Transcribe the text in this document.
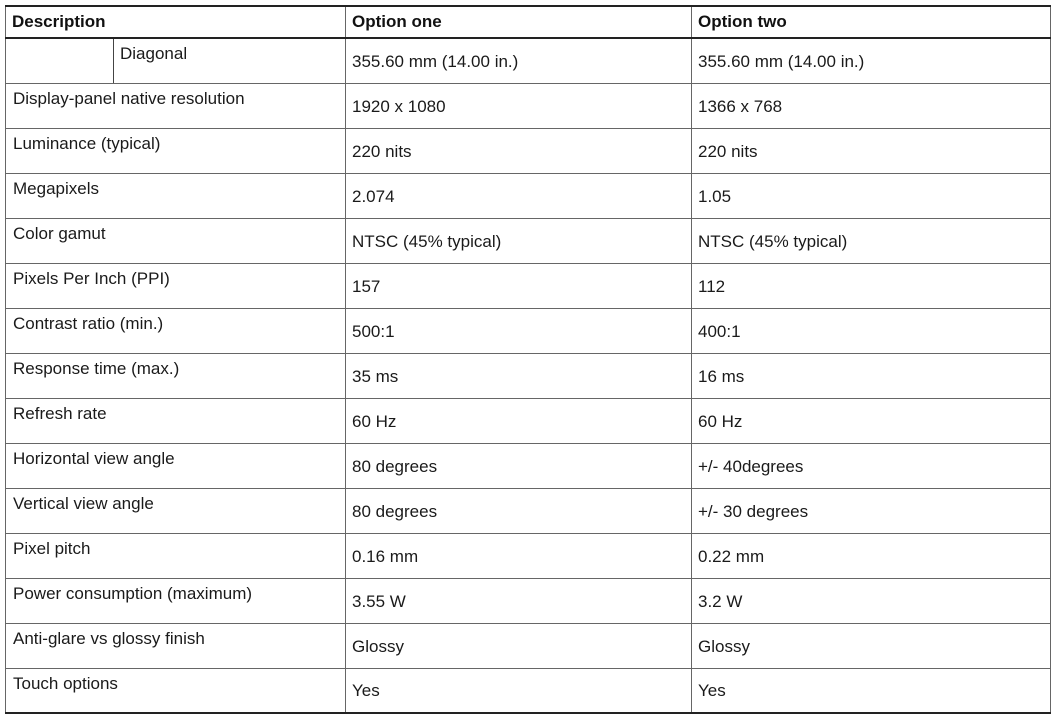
Description		Option one	Option two
	Diagonal	355.60 mm (14.00 in.)	355.60 mm (14.00 in.)
Display-panel native resolution		1920 x 1080	1366 x 768
Luminance (typical)		220 nits	220 nits
Megapixels		2.074	1.05
Color gamut		NTSC (45% typical)	NTSC (45% typical)
Pixels Per Inch (PPI)		157	112
Contrast ratio (min.)		500:1	400:1
Response time (max.)		35 ms	16 ms
Refresh rate		60 Hz	60 Hz
Horizontal view angle		80 degrees	+/- 40degrees
Vertical view angle		80 degrees	+/- 30 degrees
Pixel pitch		0.16 mm	0.22 mm
Power consumption (maximum)		3.55 W	3.2 W
Anti-glare vs glossy finish		Glossy	Glossy
Touch options		Yes	Yes
